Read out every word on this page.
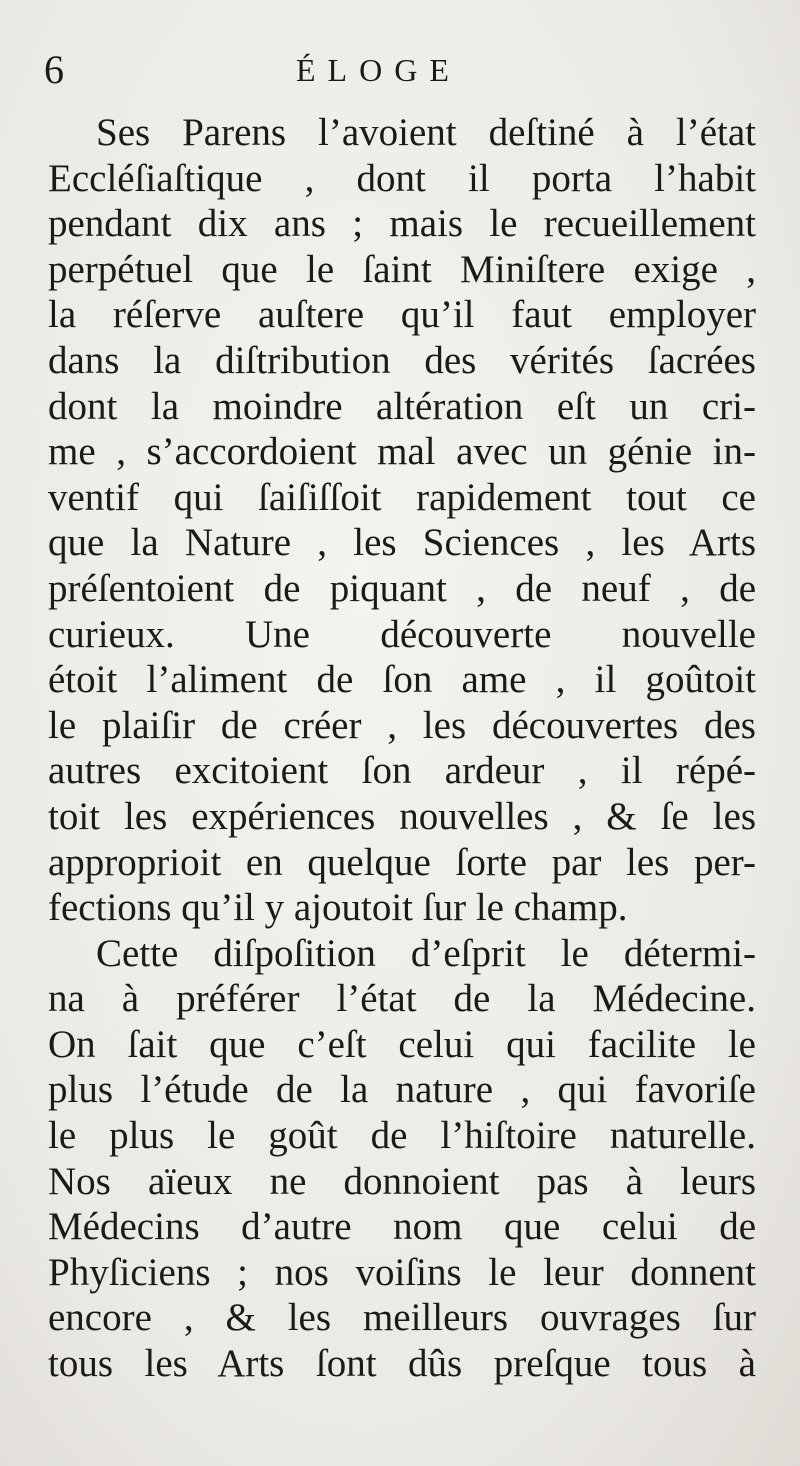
6	ÉLOGE
Ses Parens l’avoient deſtiné à l’état
Eccléſiaſtique , dont il porta l’habit
pendant dix ans ; mais le recueillement
perpétuel que le ſaint Miniſtere exige ,
la réſerve auſtere qu’il faut employer
dans la diſtribution des vérités ſacrées
dont la moindre altération eſt un cri-
me , s’accordoient mal avec un génie in-
ventif qui ſaiſiſſoit rapidement tout ce
que la Nature , les Sciences , les Arts
préſentoient de piquant , de neuf , de
curieux. Une découverte nouvelle
étoit l’aliment de ſon ame , il goûtoit
le plaiſir de créer , les découvertes des
autres excitoient ſon ardeur , il répé-
toit les expériences nouvelles , & ſe les
approprioit en quelque ſorte par les per-
fections qu’il y ajoutoit ſur le champ.
Cette diſpoſition d’eſprit le détermi-
na à préférer l’état de la Médecine.
On ſait que c’eſt celui qui facilite le
plus l’étude de la nature , qui favoriſe
le plus le goût de l’hiſtoire naturelle.
Nos aïeux ne donnoient pas à leurs
Médecins d’autre nom que celui de
Phyſiciens ; nos voiſins le leur donnent
encore , & les meilleurs ouvrages ſur
tous les Arts ſont dûs preſque tous à
